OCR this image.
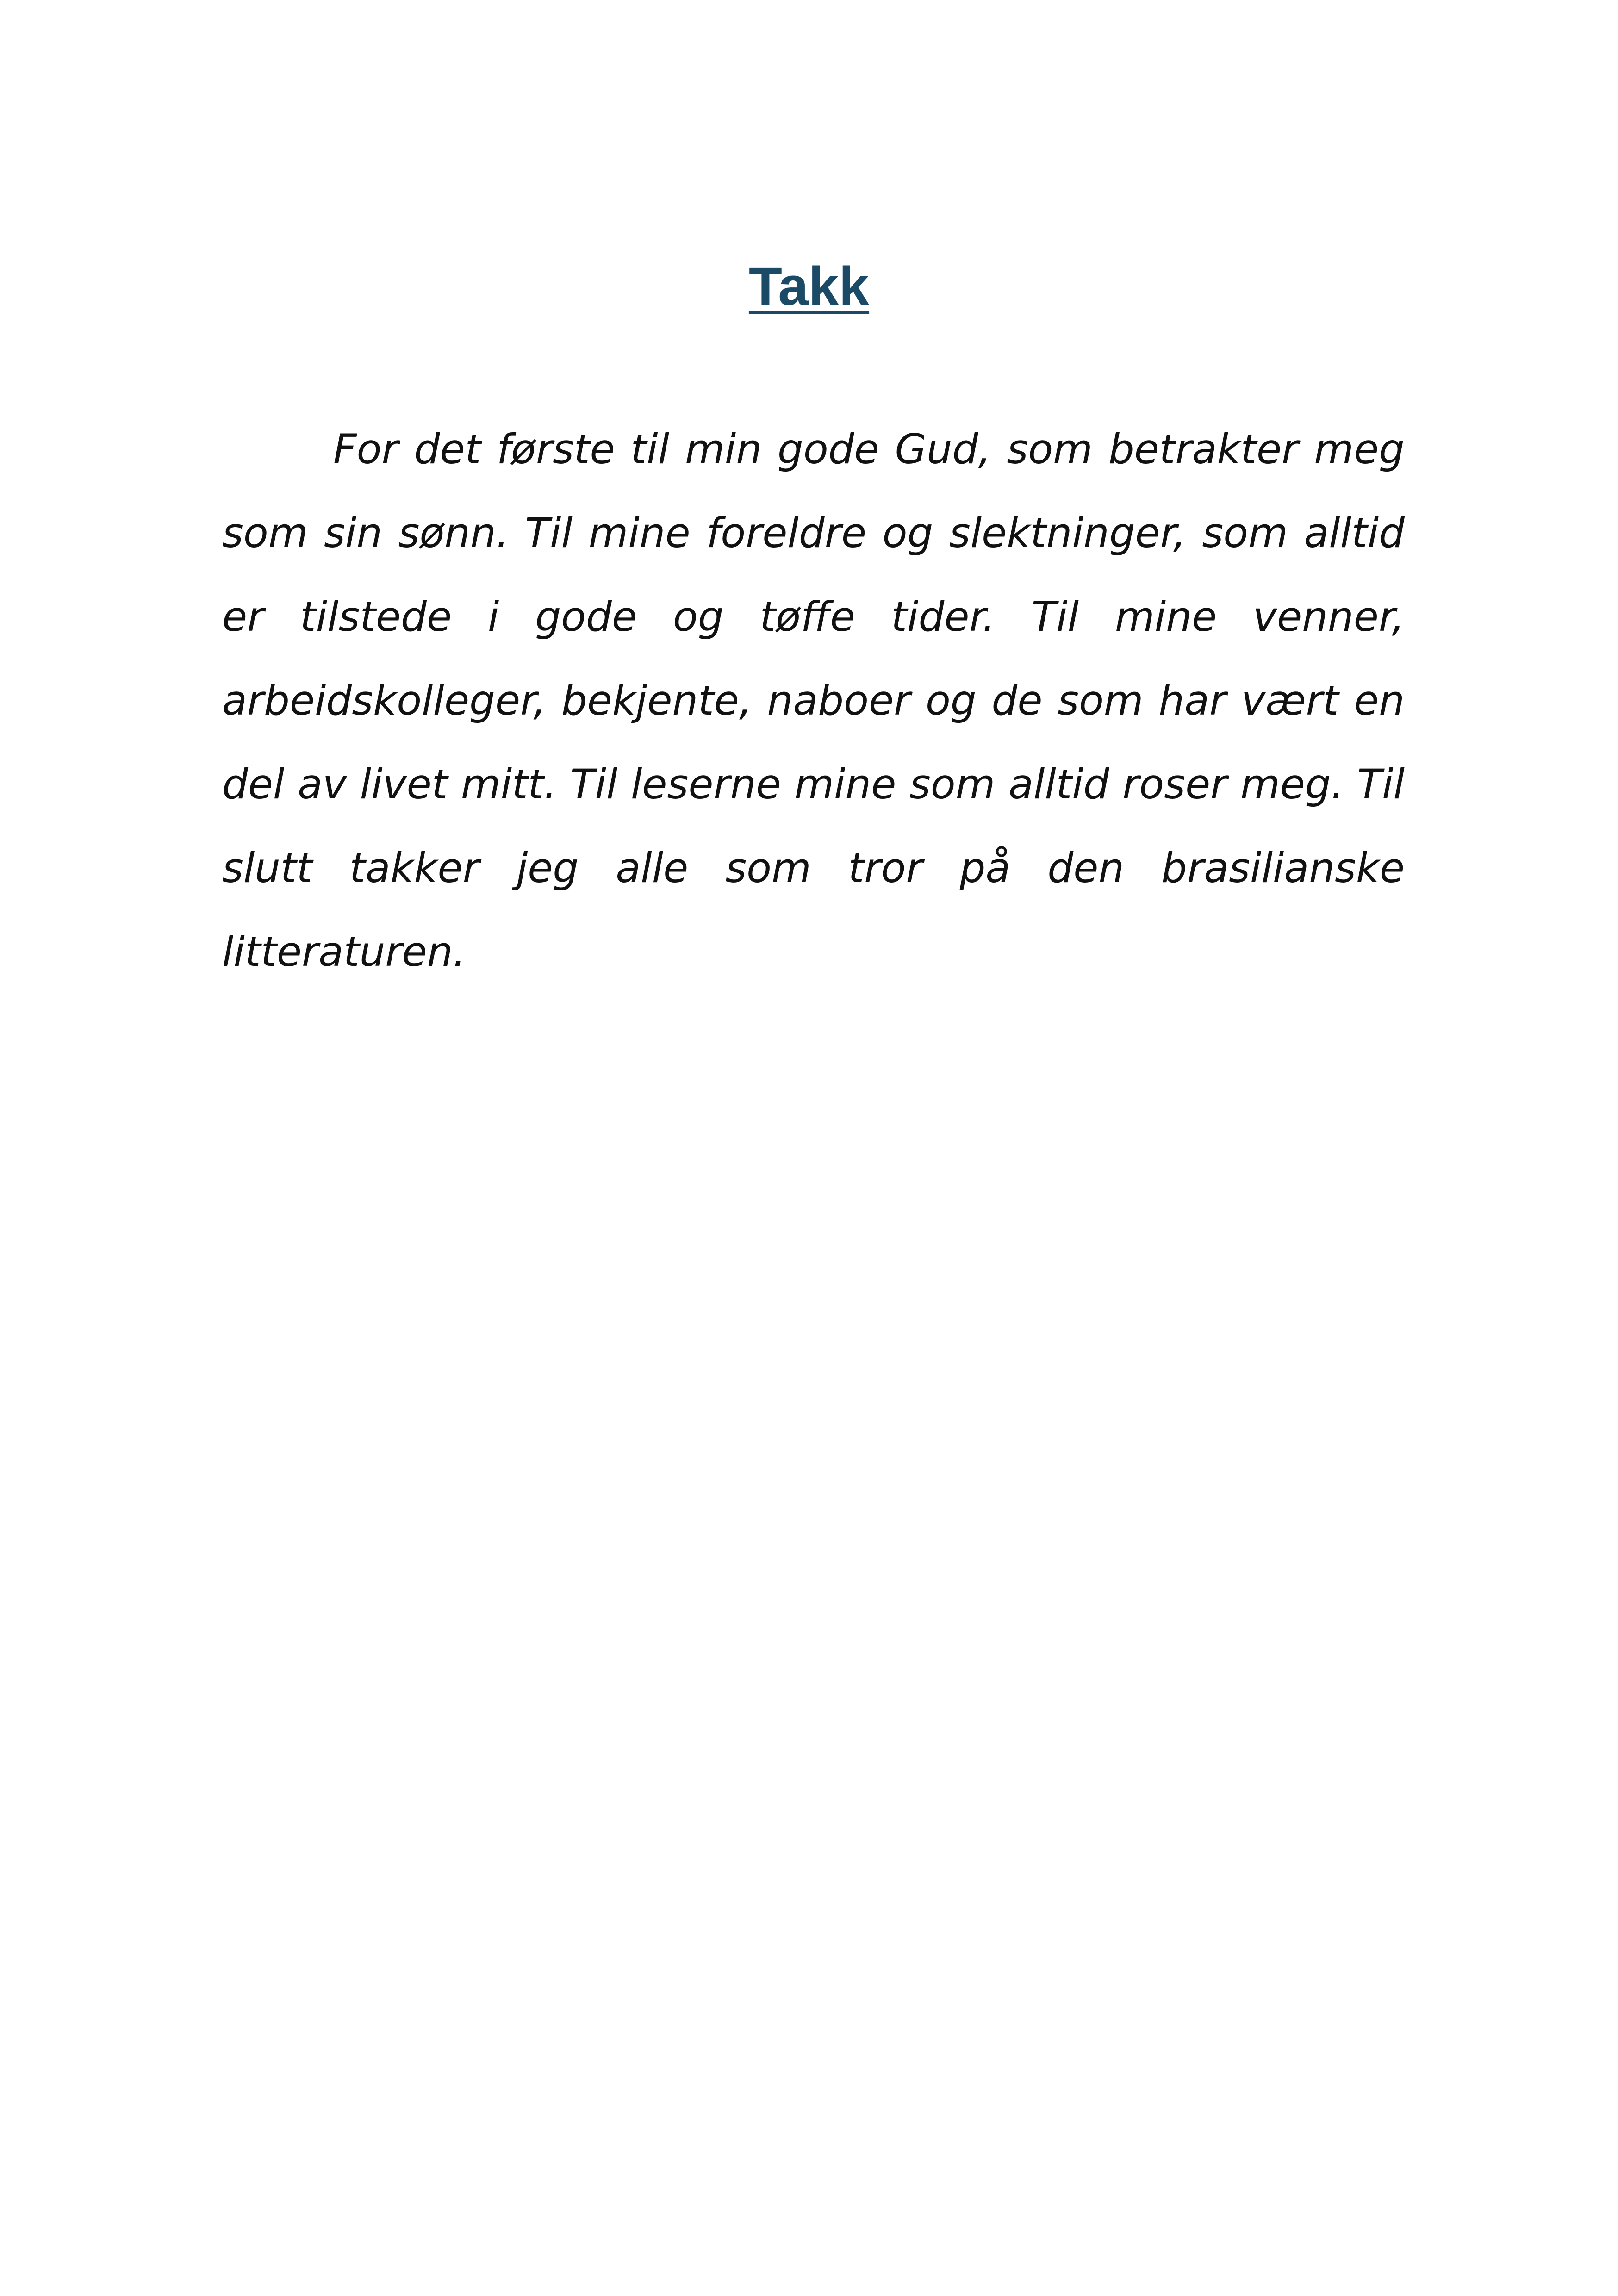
Takk

For det første til min gode Gud, som betrakter meg som sin sønn. Til mine foreldre og slektninger, som alltid er tilstede i gode og tøffe tider. Til mine venner, arbeidskolleger, bekjente, naboer og de som har vært en del av livet mitt. Til leserne mine som alltid roser meg. Til slutt takker jeg alle som tror på den brasilianske litteraturen.
